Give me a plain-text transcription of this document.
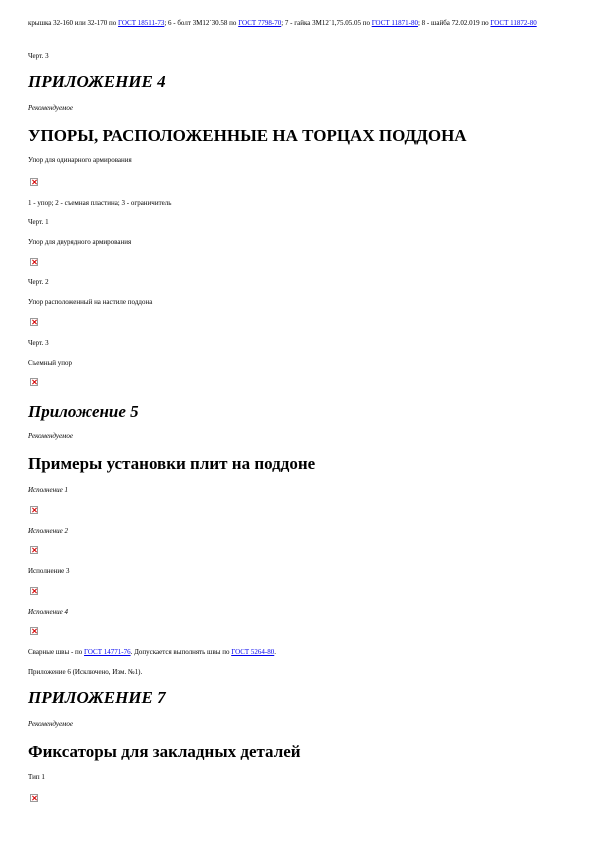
крышка 32-160 или 32-170 по ГОСТ 18511-73; 6 - болт 3М12´30.58 по ГОСТ 7798-70; 7 - гайка 3М12´1,75.05.05 по ГОСТ 11871-80; 8 - шайба 72.02.019 по ГОСТ 11872-80
Черт. 3
ПРИЛОЖЕНИЕ 4
Рекомендуемое
УПОРЫ, РАСПОЛОЖЕННЫЕ НА ТОРЦАХ ПОДДОНА
Упор для одинарного армирования
1 - упор; 2 - съемная пластина; 3 - ограничитель
Черт. 1
Упор для двурядного армирования
Черт. 2
Упор расположенный на настиле поддона
Черт. 3
Съемный упор
Приложение 5
Рекомендуемое
Примеры установки плит на поддоне
Исполнение 1
Исполнение 2
Исполнение 3
Исполнение 4
Сварные швы - по ГОСТ 14771-76. Допускается выполнять швы по ГОСТ 5264-80.
Приложение 6 (Исключено, Изм. №1).
ПРИЛОЖЕНИЕ 7
Рекомендуемое
Фиксаторы для закладных деталей
Тип 1
